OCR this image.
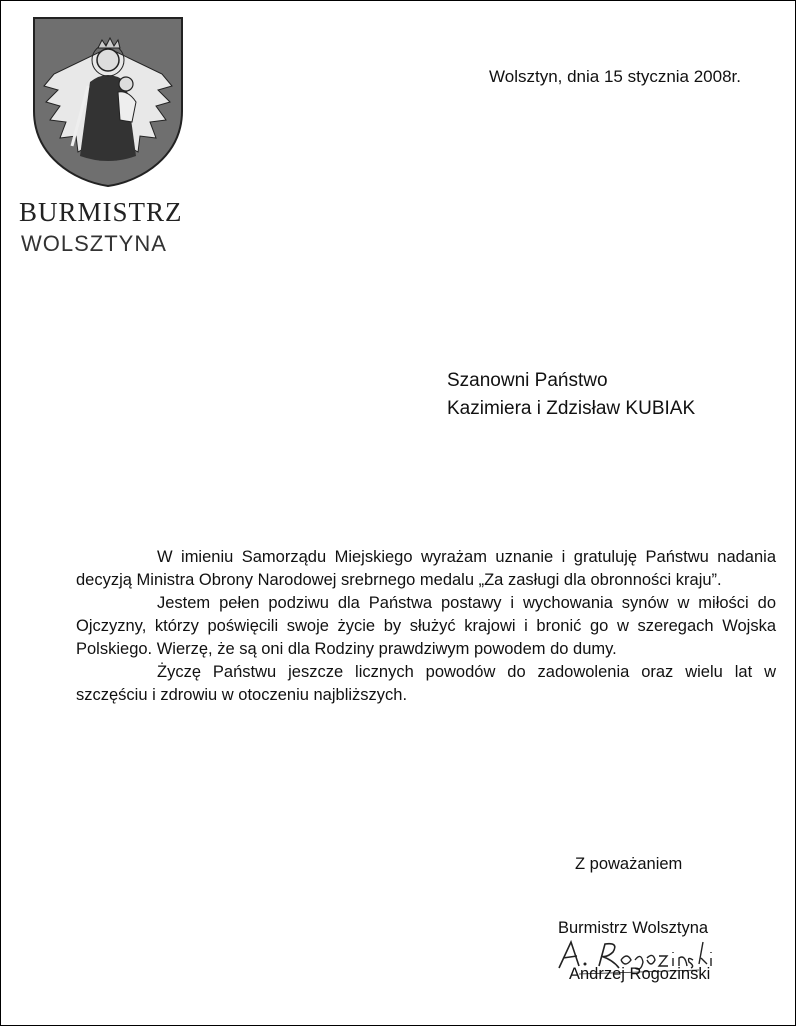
BURMISTRZ
WOLSZTYNA
Wolsztyn, dnia 15 stycznia 2008r.
Szanowni Państwo
Kazimiera i Zdzisław KUBIAK

W imieniu Samorządu Miejskiego wyrażam uznanie i gratuluję Państwu nadania decyzją Ministra Obrony Narodowej srebrnego medalu „Za zasługi dla obronności kraju”.

Jestem pełen podziwu dla Państwa postawy i wychowania synów w miłości do Ojczyzny, którzy poświęcili swoje życie by służyć krajowi i bronić go w szeregach Wojska Polskiego. Wierzę, że są oni dla Rodziny prawdziwym powodem do dumy.

Życzę Państwu jeszcze licznych powodów do zadowolenia oraz wielu lat w szczęściu i zdrowiu w otoczeniu najbliższych.

Z poważaniem
Burmistrz Wolsztyna
Andrzej Rogozinski
